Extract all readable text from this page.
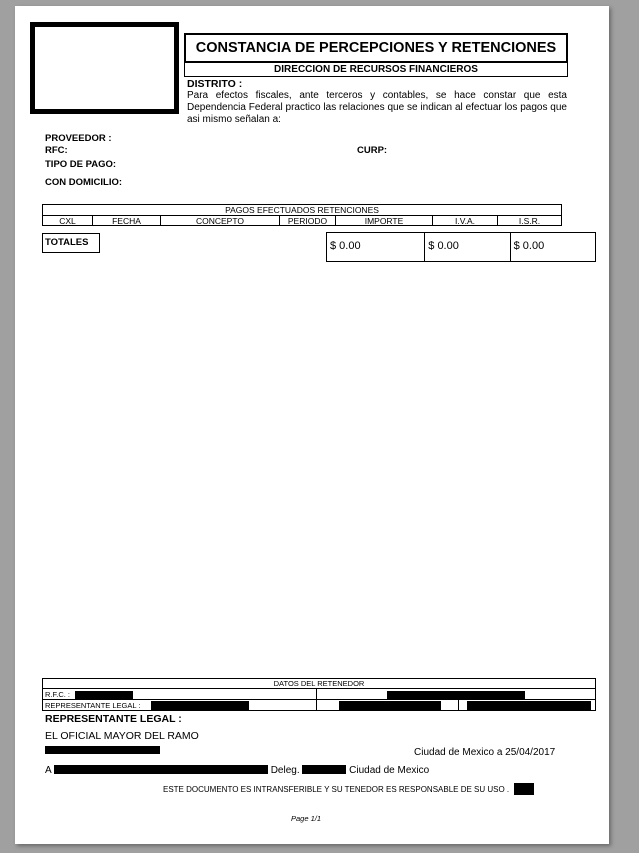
CONSTANCIA DE PERCEPCIONES Y RETENCIONES
DIRECCION DE RECURSOS FINANCIEROS
DISTRITO :
Para efectos fiscales, ante terceros y contables, se hace constar que esta Dependencia Federal practico las relaciones que se indican al efectuar los pagos que asi mismo señalan a:
PROVEEDOR :
RFC:	CURP:
TIPO DE PAGO:
CON DOMICILIO:
PAGOS EFECTUADOS RETENCIONES
CXL	FECHA	CONCEPTO	PERIODO	IMPORTE	I.V.A.	I.S.R.
TOTALES	$ 0.00	$ 0.00	$ 0.00
DATOS DEL RETENEDOR
R.F.C. :
REPRESENTANTE LEGAL :
REPRESENTANTE LEGAL :
EL OFICIAL MAYOR DEL RAMO
Ciudad de Mexico a 25/04/2017
A	Deleg.	Ciudad de Mexico
ESTE DOCUMENTO ES INTRANSFERIBLE Y SU TENEDOR ES RESPONSABLE DE SU USO .
Page 1/1
